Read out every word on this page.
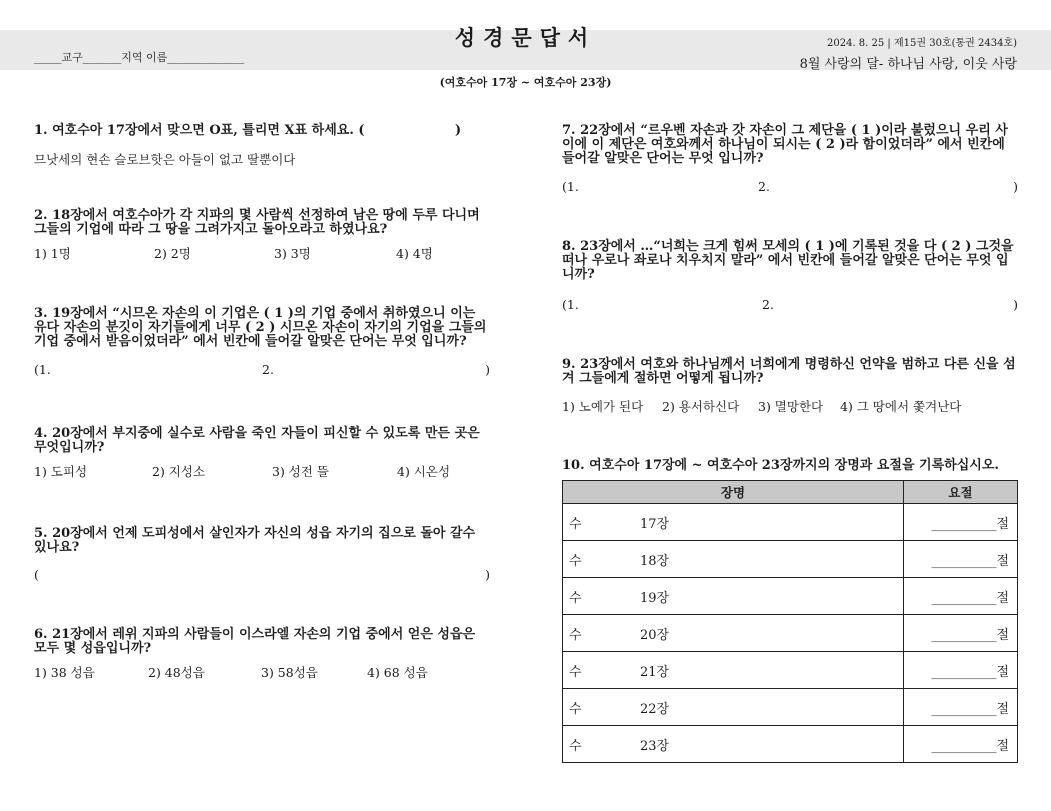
성경문답서
_____교구_______지역 이름______________
2024. 8. 25 | 제15권 30호(통권 2434호)
8월 사랑의 달- 하나님 사랑, 이웃 사랑
(여호수아 17장 ~ 여호수아 23장)

1. 여호수아 17장에서 맞으면 O표, 틀리면 X표 하세요. (                    )

므낫세의 현손 슬로브핫은 아들이 없고 딸뿐이다

2. 18장에서 여호수아가 각 지파의 몇 사람씩 선정하여 남은 땅에 두루 다니며 그들의 기업에 따라 그 땅을 그려가지고 돌아오라고 하였나요?

1) 1명	2) 2명	3) 3명	4) 4명

3. 19장에서 “시므온 자손의 이 기업은 ( 1 )의 기업 중에서 취하였으니 이는 유다 자손의 분깃이 자기들에게 너무 ( 2 ) 시므온 자손이 자기의 기업을 그들의 기업 중에서 받음이었더라” 에서 빈칸에 들어갈 알맞은 단어는 무엇 입니까?

(1.	2.	)

4. 20장에서 부지중에 실수로 사람을 죽인 자들이 피신할 수 있도록 만든 곳은 무엇입니까?

1) 도피성	2) 지성소	3) 성전 뜰	4) 시온성

5. 20장에서 언제 도피성에서 살인자가 자신의 성읍 자기의 집으로 돌아 갈수 있나요?

(	)

6. 21장에서 레위 지파의 사람들이 이스라엘 자손의 기업 중에서 얻은 성읍은 모두 몇 성읍입니까?

1) 38 성읍	2) 48성읍	3) 58성읍	4) 68 성읍

7. 22장에서 “르우벤 자손과 갓 자손이 그 제단을 ( 1 )이라 불렀으니 우리 사이에 이 제단은 여호와께서 하나님이 되시는 ( 2 )라 함이었더라” 에서 빈칸에 들어갈 알맞은 단어는 무엇 입니까?

(1.	2.	)

8. 23장에서 …“너희는 크게 힘써 모세의 ( 1 )에 기록된 것을 다 ( 2 ) 그것을 떠나 우로나 좌로나 치우치지 말라” 에서 빈칸에 들어갈 알맞은 단어는 무엇 입니까?

(1.	2.	)

9. 23장에서 여호와 하나님께서 너희에게 명령하신 언약을 범하고 다른 신을 섬겨 그들에게 절하면 어떻게 됩니까?

1) 노예가 된다	2) 용서하신다	3) 멸망한다	4) 그 땅에서 쫓겨난다

10. 여호수아 17장에 ~ 여호수아 23장까지의 장명과 요절을 기록하십시오.

장명		요절
수	17장	__________절
수	18장	__________절
수	19장	__________절
수	20장	__________절
수	21장	__________절
수	22장	__________절
수	23장	__________절
